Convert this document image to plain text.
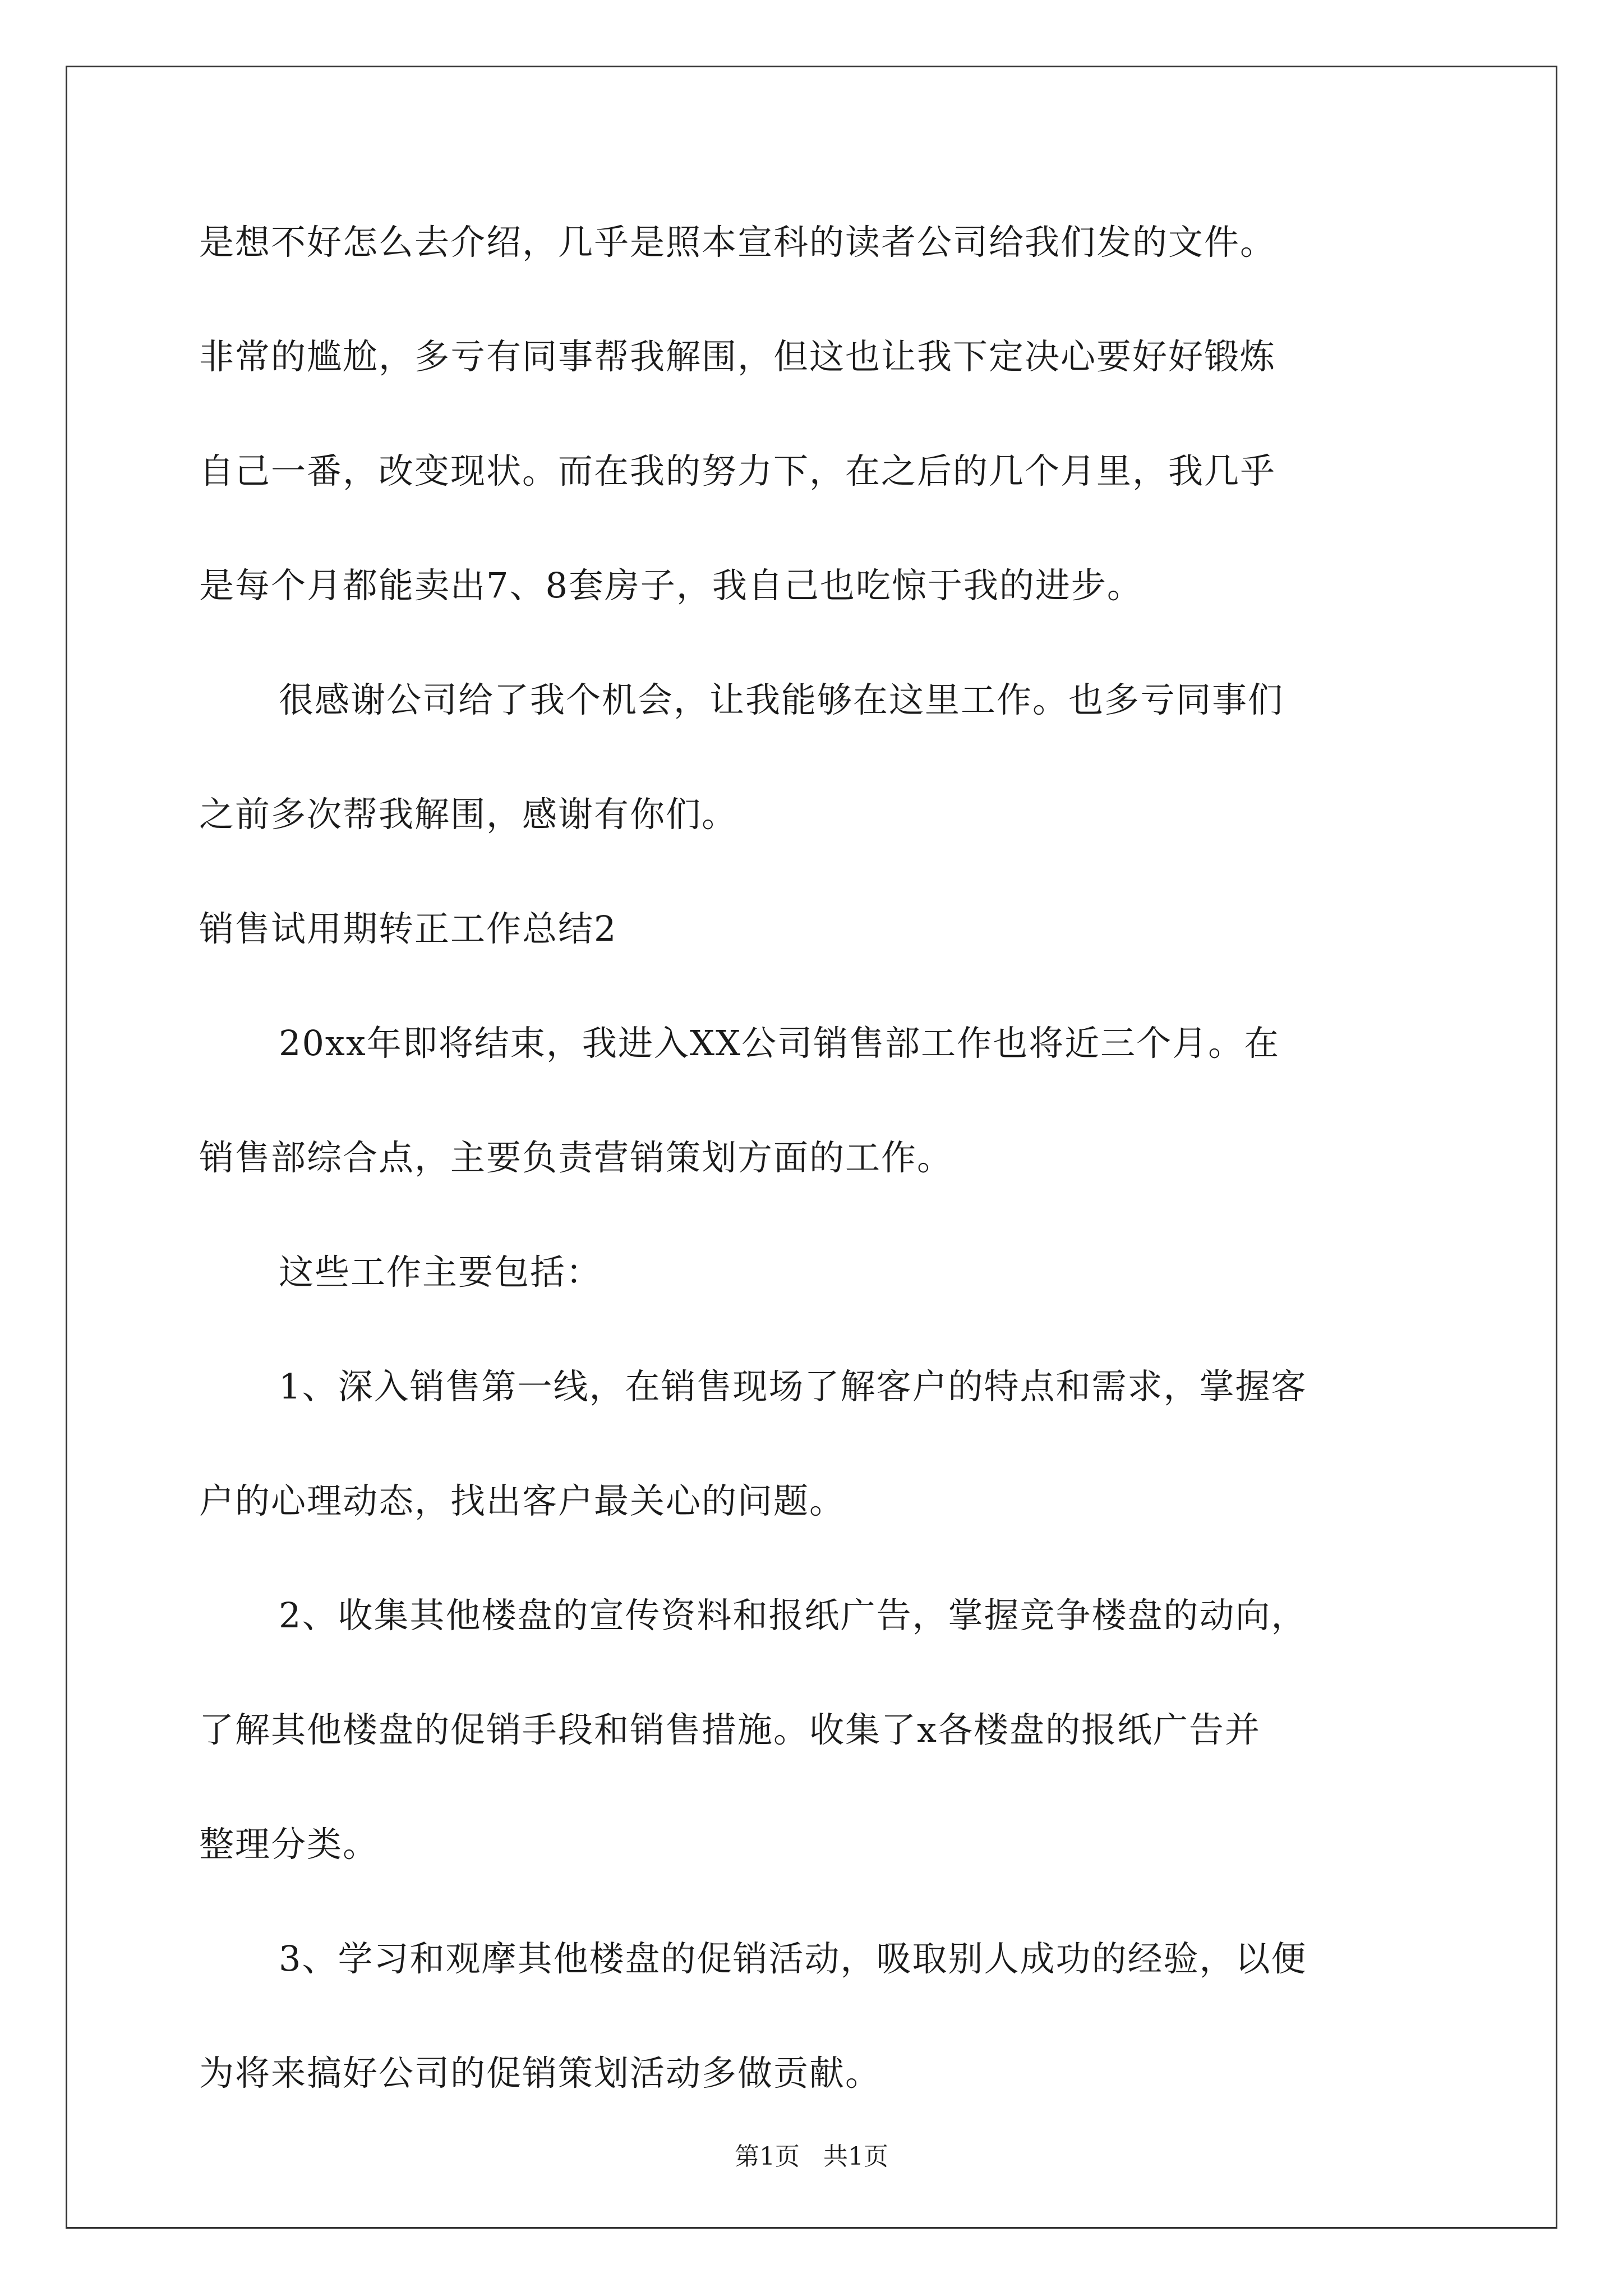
是想不好怎么去介绍，几乎是照本宣科的读者公司给我们发的文件。
非常的尴尬，多亏有同事帮我解围，但这也让我下定决心要好好锻炼
自己一番，改变现状。而在我的努力下，在之后的几个月里，我几乎
是每个月都能卖出7、8套房子，我自己也吃惊于我的进步。
很感谢公司给了我个机会，让我能够在这里工作。也多亏同事们
之前多次帮我解围，感谢有你们。
销售试用期转正工作总结2
20xx年即将结束，我进入XX公司销售部工作也将近三个月。在
销售部综合点，主要负责营销策划方面的工作。
这些工作主要包括：
1、深入销售第一线，在销售现场了解客户的特点和需求，掌握客
户的心理动态，找出客户最关心的问题。
2、收集其他楼盘的宣传资料和报纸广告，掌握竞争楼盘的动向，
了解其他楼盘的促销手段和销售措施。收集了x各楼盘的报纸广告并
整理分类。
3、学习和观摩其他楼盘的促销活动，吸取别人成功的经验，以便
为将来搞好公司的促销策划活动多做贡献。
第1页   共1页
